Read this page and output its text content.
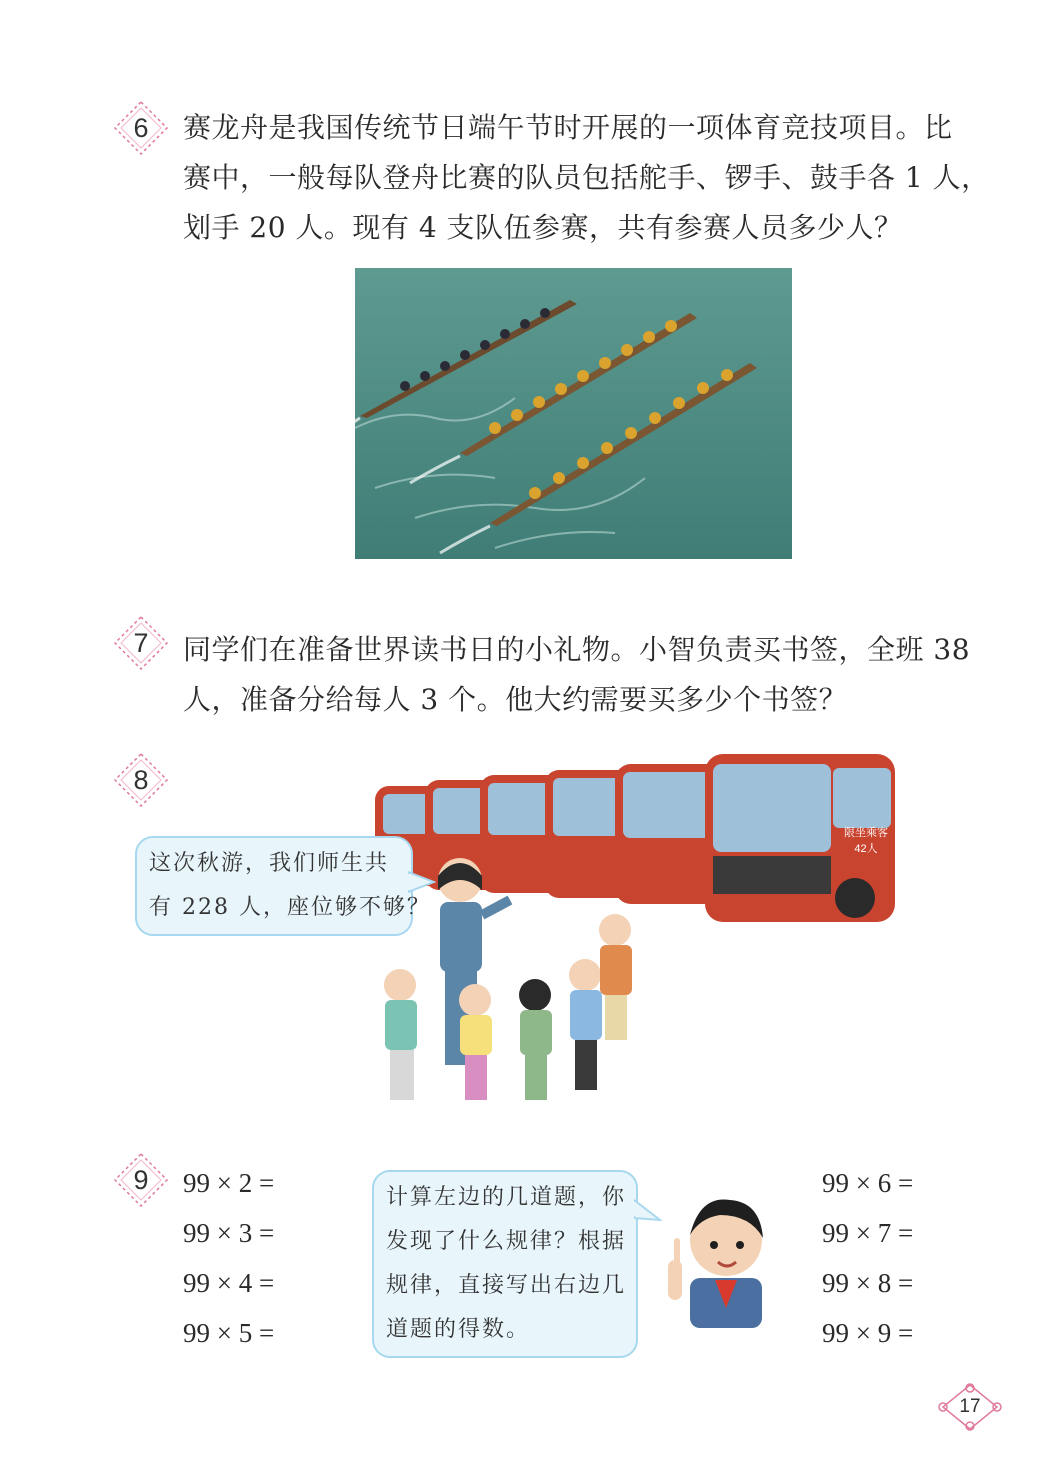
6	赛龙舟是我国传统节日端午节时开展的一项体育竞技项目。比
赛中，一般每队登舟比赛的队员包括舵手、锣手、鼓手各 1 人，
划手 20 人。现有 4 支队伍参赛，共有参赛人员多少人？
7	同学们在准备世界读书日的小礼物。小智负责买书签，全班 38
人，准备分给每人 3 个。他大约需要买多少个书签？
8
限坐乘客
42人
这次秋游，我们师生共
有 228 人，座位够不够？
9	99 × 2 =
99 × 3 =
99 × 4 =
99 × 5 =
计算左边的几道题，你
发现了什么规律？根据
规律，直接写出右边几
道题的得数。
99 × 6 =
99 × 7 =
99 × 8 =
99 × 9 =
17
